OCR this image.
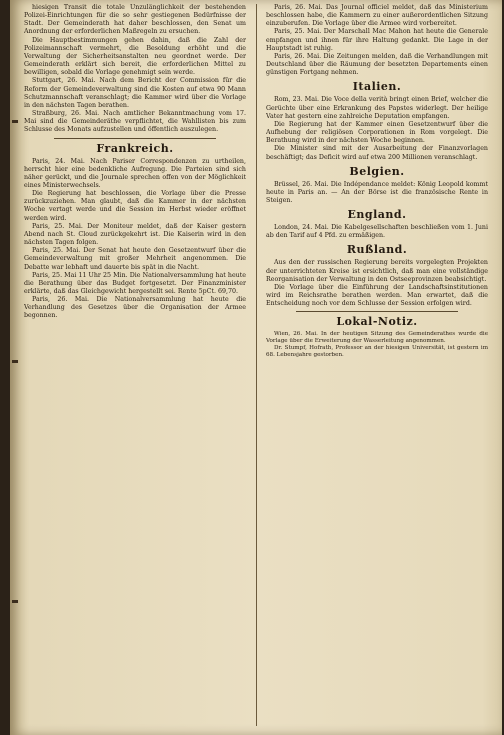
hiesigen Transit die totale Unzulänglichkeit der bestehenden Polizei-Einrichtungen für die so sehr gestiegenen Bedürfnisse der Stadt. Der Gemeinderath hat daher beschlossen, den Senat um Anordnung der erforderlichen Maßregeln zu ersuchen.

Die Hauptbestimmungen gehen dahin, daß die Zahl der Polizeimannschaft vermehrt, die Besoldung erhöht und die Verwaltung der Sicherheitsanstalten neu geordnet werde. Der Gemeinderath erklärt sich bereit, die erforderlichen Mittel zu bewilligen, sobald die Vorlage genehmigt sein werde.

Stuttgart, 26. Mai. Nach dem Bericht der Commission für die Reform der Gemeindeverwaltung sind die Kosten auf etwa 90 Mann Schutzmannschaft veranschlagt; die Kammer wird über die Vorlage in den nächsten Tagen berathen.

Straßburg, 26. Mai. Nach amtlicher Bekanntmachung vom 17. Mai sind die Gemeinderäthe verpflichtet, die Wahllisten bis zum Schlusse des Monats aufzustellen und öffentlich auszulegen.

Frankreich.

Paris, 24. Mai. Nach Pariser Correspondenzen zu urtheilen, herrscht hier eine bedenkliche Aufregung. Die Parteien sind sich näher gerückt, und die Journale sprechen offen von der Möglichkeit eines Ministerwechsels.

Die Regierung hat beschlossen, die Vorlage über die Presse zurückzuziehen. Man glaubt, daß die Kammer in der nächsten Woche vertagt werde und die Session im Herbst wieder eröffnet werden wird.

Paris, 25. Mai. Der Moniteur meldet, daß der Kaiser gestern Abend nach St. Cloud zurückgekehrt ist. Die Kaiserin wird in den nächsten Tagen folgen.

Paris, 25. Mai. Der Senat hat heute den Gesetzentwurf über die Gemeindeverwaltung mit großer Mehrheit angenommen. Die Debatte war lebhaft und dauerte bis spät in die Nacht.

Paris, 25. Mai 11 Uhr 25 Min. Die Nationalversammlung hat heute die Berathung über das Budget fortgesetzt. Der Finanzminister erklärte, daß das Gleichgewicht hergestellt sei. Rente 5pCt. 69,70.

Paris, 26. Mai. Die Nationalversammlung hat heute die Verhandlung des Gesetzes über die Organisation der Armee begonnen.

Paris, 26. Mai. Das Journal officiel meldet, daß das Ministerium beschlossen habe, die Kammern zu einer außerordentlichen Sitzung einzuberufen. Die Vorlage über die Armee wird vorbereitet.

Paris, 25. Mai. Der Marschall Mac Mahon hat heute die Generale empfangen und ihnen für ihre Haltung gedankt. Die Lage in der Hauptstadt ist ruhig.

Paris, 26. Mai. Die Zeitungen melden, daß die Verhandlungen mit Deutschland über die Räumung der besetzten Departements einen günstigen Fortgang nehmen.

Italien.

Rom, 23. Mai. Die Voce della verità bringt einen Brief, welcher die Gerüchte über eine Erkrankung des Papstes widerlegt. Der heilige Vater hat gestern eine zahlreiche Deputation empfangen.

Die Regierung hat der Kammer einen Gesetzentwurf über die Aufhebung der religiösen Corporationen in Rom vorgelegt. Die Berathung wird in der nächsten Woche beginnen.

Die Minister sind mit der Ausarbeitung der Finanzvorlagen beschäftigt; das Deficit wird auf etwa 200 Millionen veranschlagt.

Belgien.

Brüssel, 26. Mai. Die Indépendance meldet: König Leopold kommt heute in Paris an. — An der Börse ist die französische Rente in Steigen.

England.

London, 24. Mai. Die Kabelgesellschaften beschließen vom 1. Juni ab den Tarif auf 4 Pfd. zu ermäßigen.

Rußland.

Aus den der russischen Regierung bereits vorgelegten Projekten der unterrichteten Kreise ist ersichtlich, daß man eine vollständige Reorganisation der Verwaltung in den Ostseeprovinzen beabsichtigt.

Die Vorlage über die Einführung der Landschaftsinstitutionen wird im Reichsrathe berathen werden. Man erwartet, daß die Entscheidung noch vor dem Schlusse der Session erfolgen wird.

Lokal-Notiz.

Wien, 26. Mai. In der heutigen Sitzung des Gemeinderathes wurde die Vorlage über die Erweiterung der Wasserleitung angenommen.

Dr. Stumpf, Hofrath, Professor an der hiesigen Universität, ist gestern im 68. Lebensjahre gestorben.
